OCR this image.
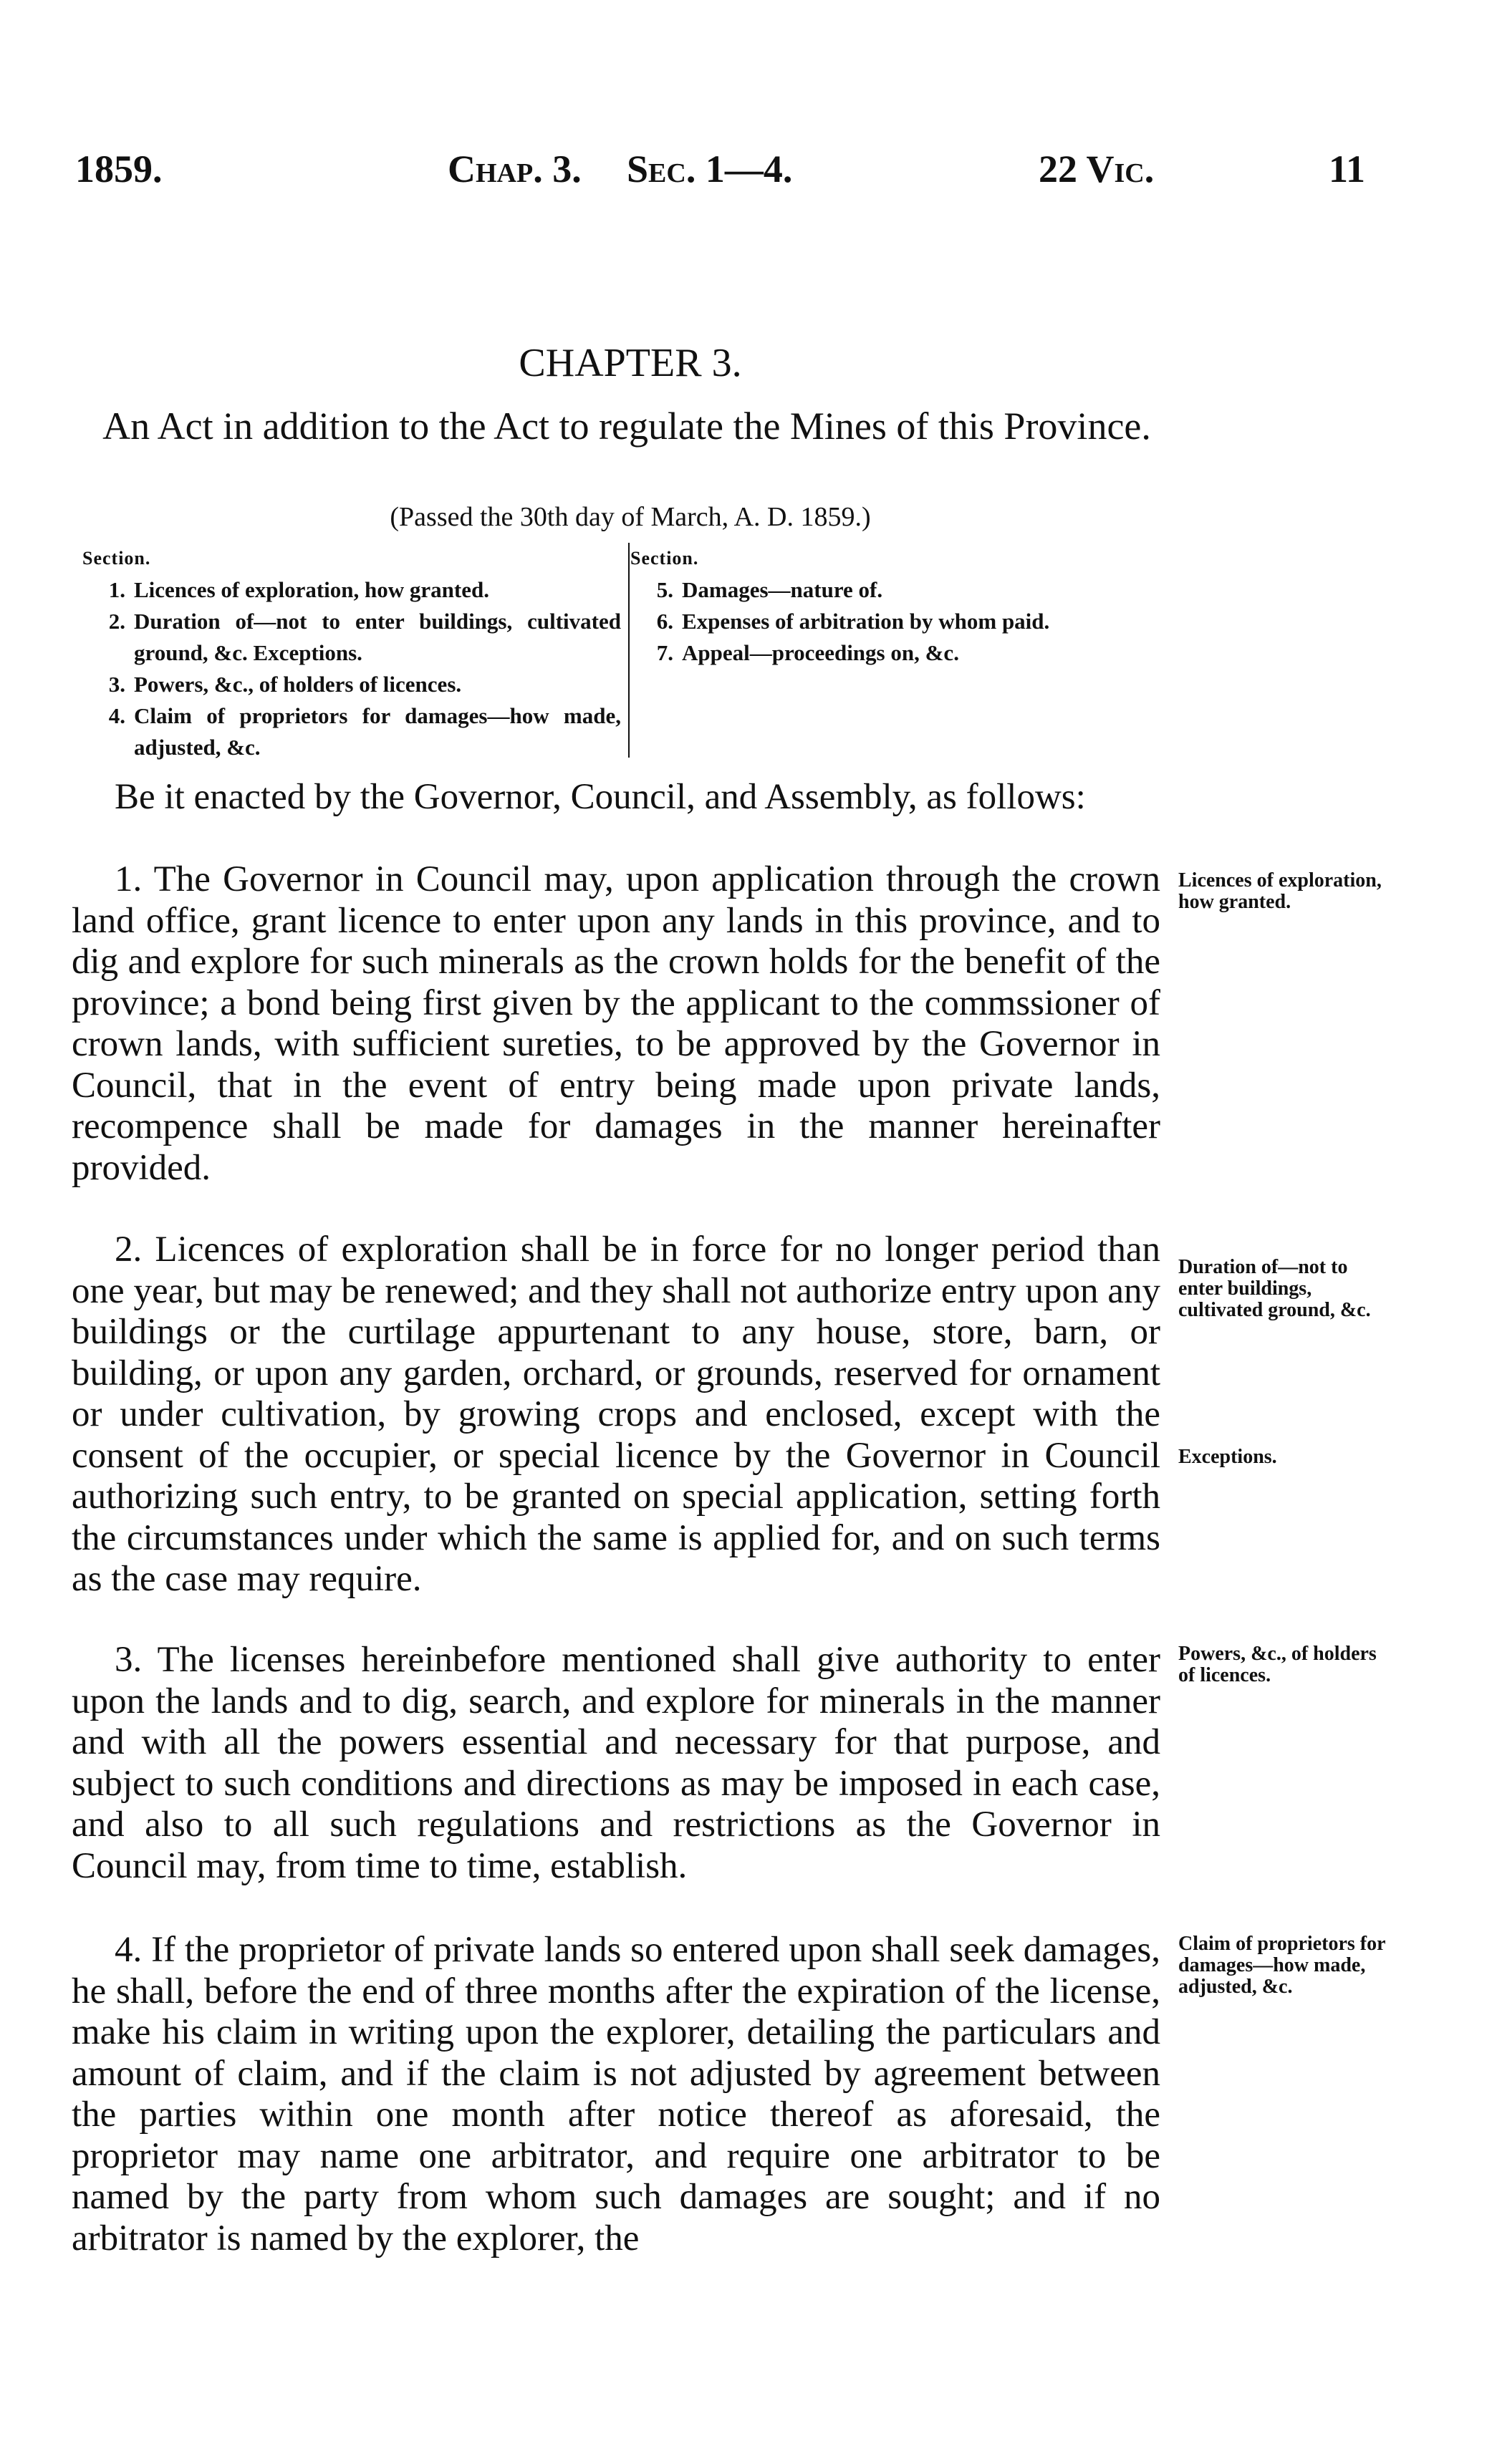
1859.	Chap. 3. Sec. 1—4.	22 Vic.	11
CHAPTER 3.
An Act in addition to the Act to regulate the Mines of this Province.
(Passed the 30th day of March, A. D. 1859.)
Section.
1. Licences of exploration, how granted.
2. Duration of—not to enter buildings, cultivated ground, &c. Exceptions.
3. Powers, &c., of holders of licences.
4. Claim of proprietors for damages—how made, adjusted, &c.
Section.
5. Damages—nature of.
6. Expenses of arbitration by whom paid.
7. Appeal—proceedings on, &c.

Be it enacted by the Governor, Council, and Assembly, as follows:

1. The Governor in Council may, upon application through the crown land office, grant licence to enter upon any lands in this province, and to dig and explore for such minerals as the crown holds for the benefit of the province; a bond being first given by the applicant to the commssioner of crown lands, with sufficient sureties, to be approved by the Governor in Council, that in the event of entry being made upon private lands, recompence shall be made for damages in the manner hereinafter provided.

2. Licences of exploration shall be in force for no longer period than one year, but may be renewed; and they shall not authorize entry upon any buildings or the curtilage appurtenant to any house, store, barn, or building, or upon any garden, orchard, or grounds, reserved for ornament or under cultivation, by growing crops and enclosed, except with the consent of the occupier, or special licence by the Governor in Council authorizing such entry, to be granted on special application, setting forth the circumstances under which the same is applied for, and on such terms as the case may require.

3. The licenses hereinbefore mentioned shall give authority to enter upon the lands and to dig, search, and explore for minerals in the manner and with all the powers essential and necessary for that purpose, and subject to such conditions and directions as may be imposed in each case, and also to all such regulations and restrictions as the Governor in Council may, from time to time, establish.

4. If the proprietor of private lands so entered upon shall seek damages, he shall, before the end of three months after the expiration of the license, make his claim in writing upon the explorer, detailing the particulars and amount of claim, and if the claim is not adjusted by agreement between the parties within one month after notice thereof as aforesaid, the proprietor may name one arbitrator, and require one arbitrator to be named by the party from whom such damages are sought; and if no arbitrator is named by the explorer, the

Licences of exploration, how granted.
Duration of—not to enter buildings, cultivated ground, &c.
Exceptions.
Powers, &c., of holders of licences.
Claim of proprietors for damages—how made, adjusted, &c.
